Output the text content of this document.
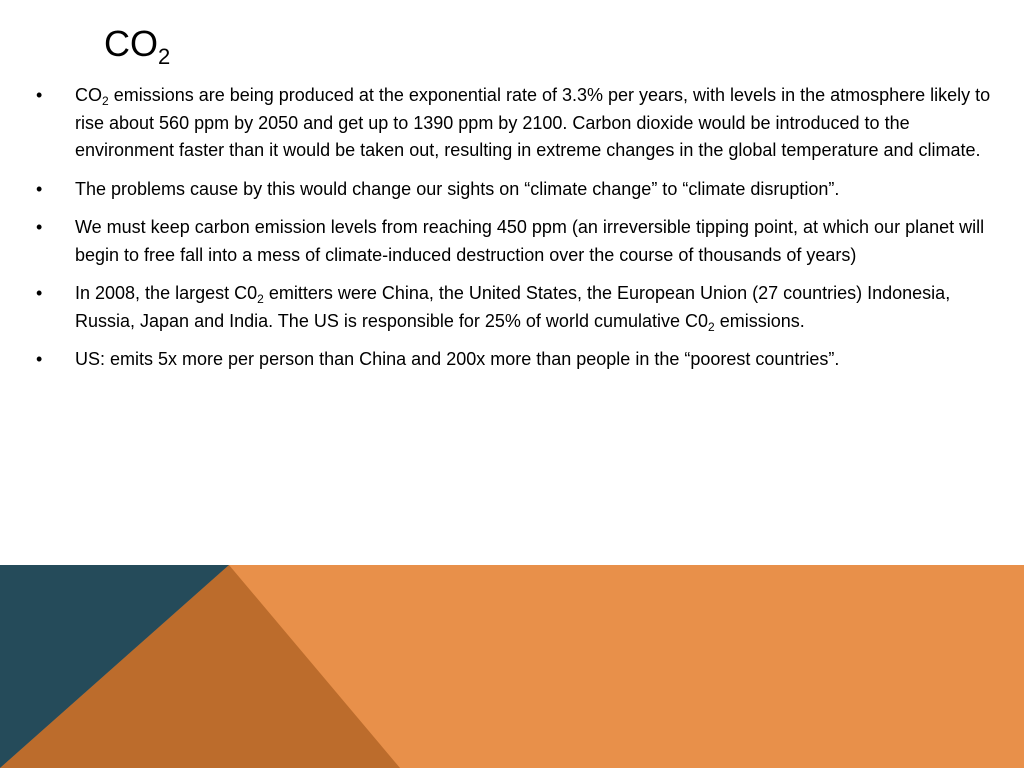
$CO_2$
•	$CO_2$ emissions are being produced at the exponential rate of 3.3% per years, with levels in the atmosphere likely to rise about 560 ppm by 2050 and get up to 1390 ppm by 2100. Carbon dioxide would be introduced to the environment faster than it would be taken out, resulting in extreme changes in the global temperature and climate.
•	The problems cause by this would change our sights on “climate change” to “climate disruption”.
•	We must keep carbon emission levels from reaching 450 ppm (an irreversible tipping point, at which our planet will begin to free fall into a mess of climate-induced destruction over the course of thousands of years)
•	In 2008, the largest $C0_2$ emitters were China, the United States, the European Union (27 countries) Indonesia, Russia, Japan and India. The US is responsible for 25% of world cumulative $C0_2$ emissions.
•	US: emits 5x more per person than China and 200x more than people in the “poorest countries”.
